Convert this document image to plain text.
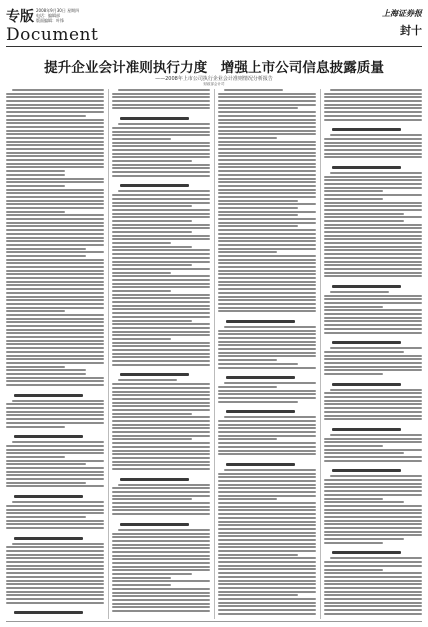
专版 2008年9月30日 星期四
电话：编辑部
版面编辑：叶锋
Document
上海证券报
封十
提升企业会计准则执行力度　增强上市公司信息披露质量
——2008年上市公司执行企业会计准则情况分析报告
财政部会计司
